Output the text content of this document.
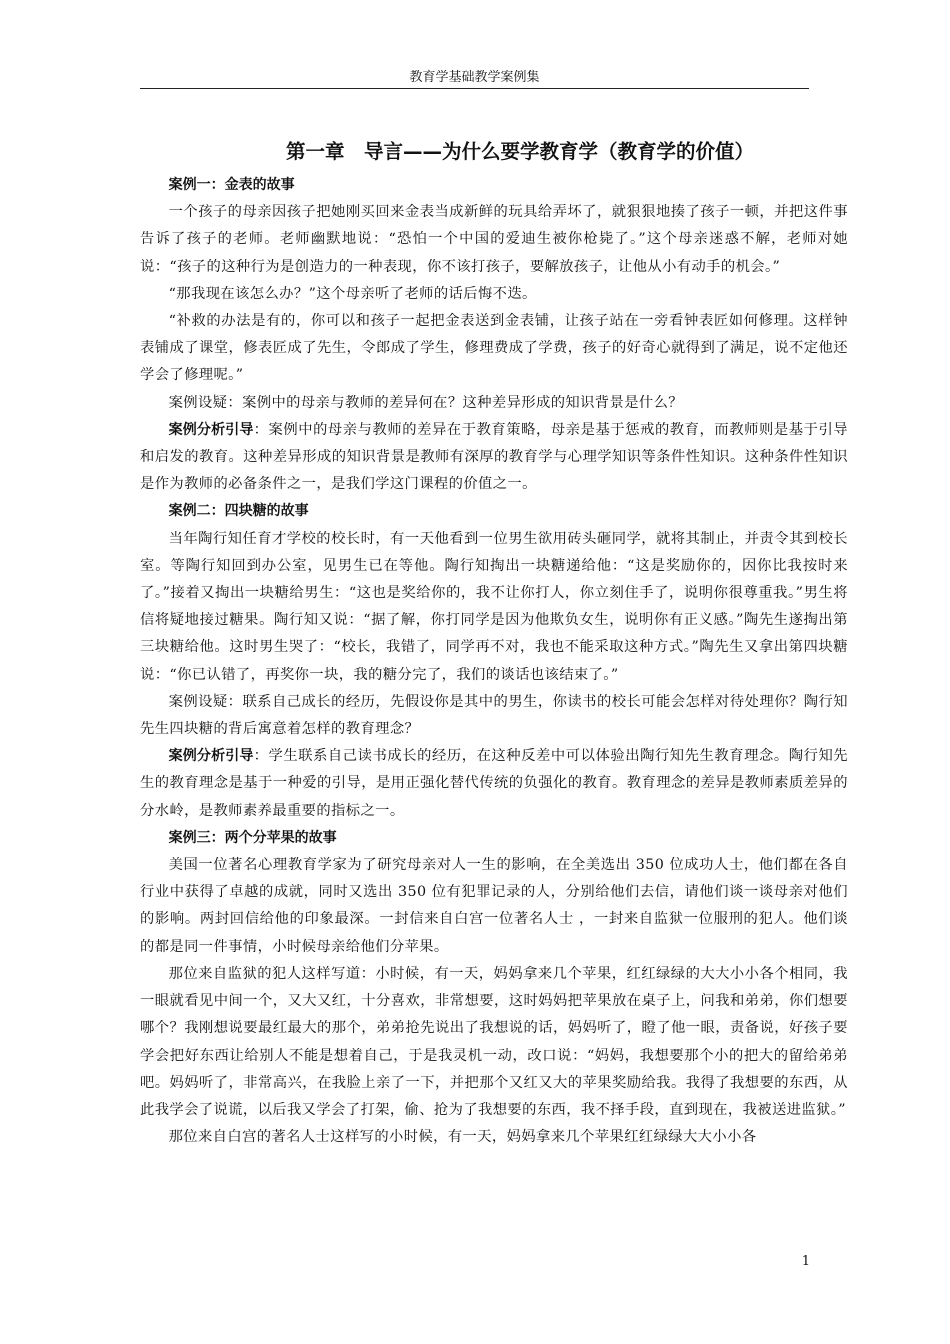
教育学基础教学案例集
第一章　导言——为什么要学教育学（教育学的价值）

案例一：金表的故事

一个孩子的母亲因孩子把她刚买回来金表当成新鲜的玩具给弄坏了，就狠狠地揍了孩子一顿，并把这件事告诉了孩子的老师。老师幽默地说：“恐怕一个中国的爱迪生被你枪毙了。”这个母亲迷惑不解，老师对她说：“孩子的这种行为是创造力的一种表现，你不该打孩子，要解放孩子，让他从小有动手的机会。”

“那我现在该怎么办？”这个母亲听了老师的话后悔不迭。

“补救的办法是有的，你可以和孩子一起把金表送到金表铺，让孩子站在一旁看钟表匠如何修理。这样钟表铺成了课堂，修表匠成了先生，令郎成了学生，修理费成了学费，孩子的好奇心就得到了满足，说不定他还学会了修理呢。”

案例设疑：案例中的母亲与教师的差异何在？这种差异形成的知识背景是什么？

案例分析引导：案例中的母亲与教师的差异在于教育策略，母亲是基于惩戒的教育，而教师则是基于引导和启发的教育。这种差异形成的知识背景是教师有深厚的教育学与心理学知识等条件性知识。这种条件性知识是作为教师的必备条件之一，是我们学这门课程的价值之一。

案例二：四块糖的故事

当年陶行知任育才学校的校长时，有一天他看到一位男生欲用砖头砸同学，就将其制止，并责令其到校长室。等陶行知回到办公室，见男生已在等他。陶行知掏出一块糖递给他：“这是奖励你的，因你比我按时来了。”接着又掏出一块糖给男生：“这也是奖给你的，我不让你打人，你立刻住手了，说明你很尊重我。”男生将信将疑地接过糖果。陶行知又说：“据了解，你打同学是因为他欺负女生，说明你有正义感。”陶先生遂掏出第三块糖给他。这时男生哭了：“校长，我错了，同学再不对，我也不能采取这种方式。”陶先生又拿出第四块糖说：“你已认错了，再奖你一块，我的糖分完了，我们的谈话也该结束了。”

案例设疑：联系自己成长的经历，先假设你是其中的男生，你读书的校长可能会怎样对待处理你？陶行知先生四块糖的背后寓意着怎样的教育理念？

案例分析引导：学生联系自己读书成长的经历，在这种反差中可以体验出陶行知先生教育理念。陶行知先生的教育理念是基于一种爱的引导，是用正强化替代传统的负强化的教育。教育理念的差异是教师素质差异的分水岭，是教师素养最重要的指标之一。

案例三：两个分苹果的故事

美国一位著名心理教育学家为了研究母亲对人一生的影响，在全美选出 350 位成功人士，他们都在各自行业中获得了卓越的成就，同时又选出 350 位有犯罪记录的人，分别给他们去信，请他们谈一谈母亲对他们的影响。两封回信给他的印象最深。一封信来自白宫一位著名人士 ，一封来自监狱一位服刑的犯人。他们谈的都是同一件事情，小时候母亲给他们分苹果。

那位来自监狱的犯人这样写道：小时候，有一天，妈妈拿来几个苹果，红红绿绿的大大小小各个相同，我一眼就看见中间一个，又大又红，十分喜欢，非常想要，这时妈妈把苹果放在桌子上，问我和弟弟，你们想要哪个？我刚想说要最红最大的那个，弟弟抢先说出了我想说的话，妈妈听了，瞪了他一眼，责备说，好孩子要学会把好东西让给别人不能是想着自己，于是我灵机一动，改口说：“妈妈，我想要那个小的把大的留给弟弟吧。妈妈听了，非常高兴，在我脸上亲了一下，并把那个又红又大的苹果奖励给我。我得了我想要的东西，从此我学会了说谎，以后我又学会了打架，偷、抢为了我想要的东西，我不择手段，直到现在，我被送进监狱。”

那位来自白宫的著名人士这样写的小时候，有一天，妈妈拿来几个苹果红红绿绿大大小小各

1
